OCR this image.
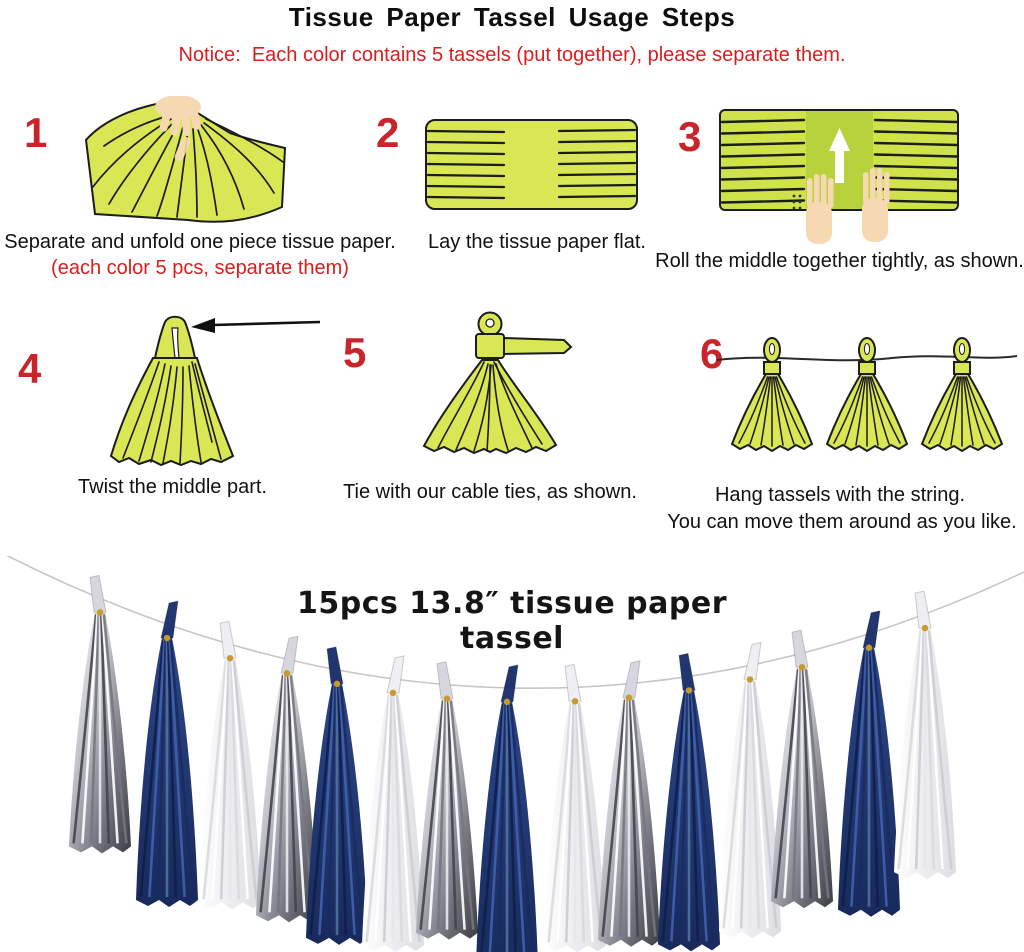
Tissue Paper Tassel Usage Steps
Notice:  Each color contains 5 tassels (put together), please separate them.
1	2	3
4	5	6
Separate and unfold one piece tissue paper.
(each color 5 pcs, separate them)
Lay the tissue paper flat.
Roll the middle together tightly, as shown.
Twist the middle part.	Tie with our cable ties, as shown.	Hang tassels with the string.
You can move them around as you like.
15pcs 13.8″ tissue paper  tassel
